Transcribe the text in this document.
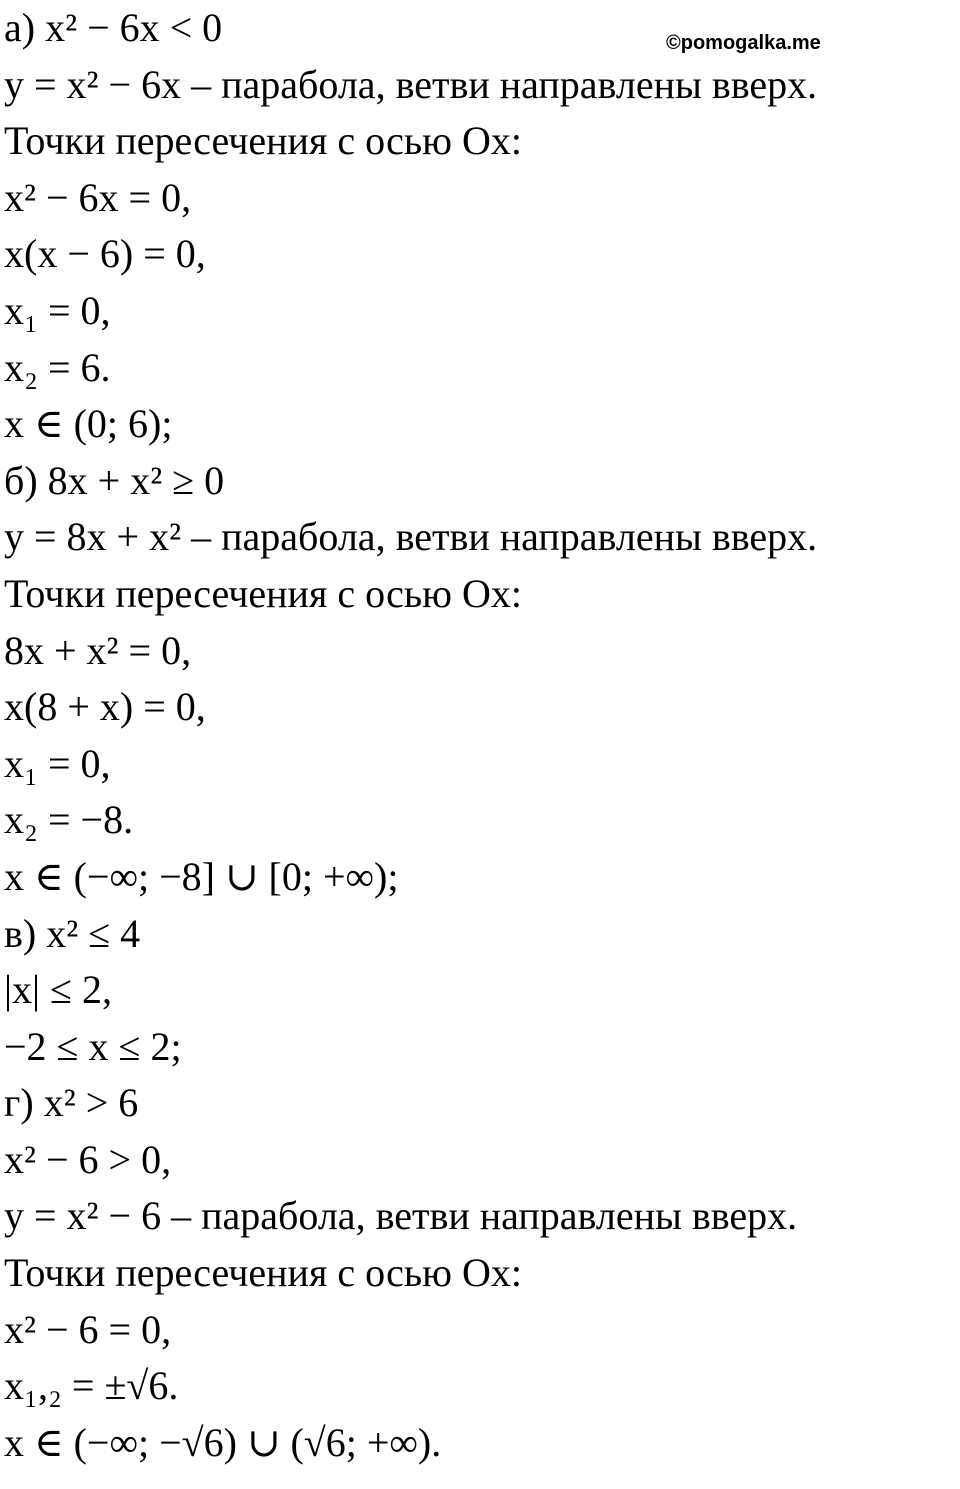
©pomogalka.me
а) x² − 6x < 0
y = x² − 6x – парабола, ветви направлены вверх.
Точки пересечения с осью Ox:
x² − 6x = 0,
x(x − 6) = 0,
x₁ = 0,
x₂ = 6.
x ∈ (0; 6);
б) 8x + x² ≥ 0
y = 8x + x² – парабола, ветви направлены вверх.
Точки пересечения с осью Ox:
8x + x² = 0,
x(8 + x) = 0,
x₁ = 0,
x₂ = −8.
x ∈ (−∞; −8] ∪ [0; +∞);
в) x² ≤ 4
|x| ≤ 2,
−2 ≤ x ≤ 2;
г) x² > 6
x² − 6 > 0,
y = x² − 6 – парабола, ветви направлены вверх.
Точки пересечения с осью Ox:
x² − 6 = 0,
x₁,₂ = ±√6.
x ∈ (−∞; −√6) ∪ (√6; +∞).
